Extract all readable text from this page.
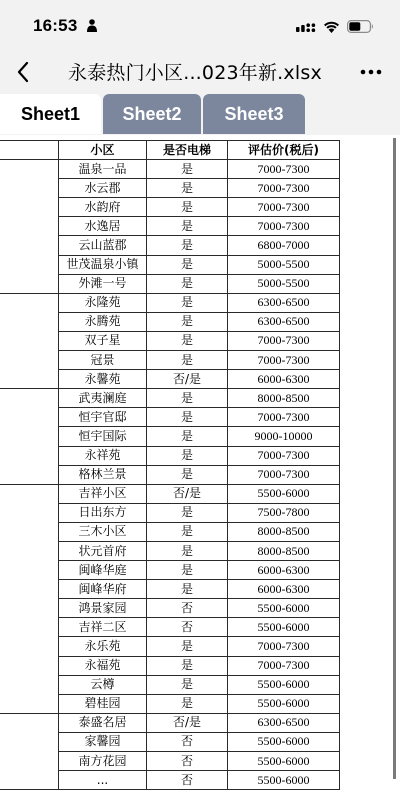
16:53
永泰热门小区...023年新.xlsx
Sheet1	Sheet2	Sheet3
	小区	是否电梯	评估价(税后)	
	温泉一品	是	7000-7300	
	水云郡	是	7000-7300	
	水韵府	是	7000-7300	
	水逸居	是	7000-7300	
	云山蓝郡	是	6800-7000	
	世茂温泉小镇	是	5000-5500	
	外滩一号	是	5000-5500	
	永隆苑	是	6300-6500	
	永腾苑	是	6300-6500	
	双子星	是	7000-7300	
	冠景	是	7000-7300	
	永馨苑	否/是	6000-6300	
	武夷澜庭	是	8000-8500	
	恒宇官邸	是	7000-7300	
	恒宇国际	是	9000-10000	
	永祥苑	是	7000-7300	
	格林兰景	是	7000-7300	
	吉祥小区	否/是	5500-6000	
	日出东方	是	7500-7800	
	三木小区	是	8000-8500	
	状元首府	是	8000-8500	
	闽峰华庭	是	6000-6300	
	闽峰华府	是	6000-6300	
	鸿景家园	否	5500-6000	
	吉祥二区	否	5500-6000	
	永乐苑	是	7000-7300	
	永福苑	是	7000-7300	
	云樽	是	5500-6000	
	碧桂园	是	5500-6000	
	泰盛名居	否/是	6300-6500	
	家馨园	否	5500-6000	
	南方花园	否	5500-6000	
	...	否	5500-6000	
